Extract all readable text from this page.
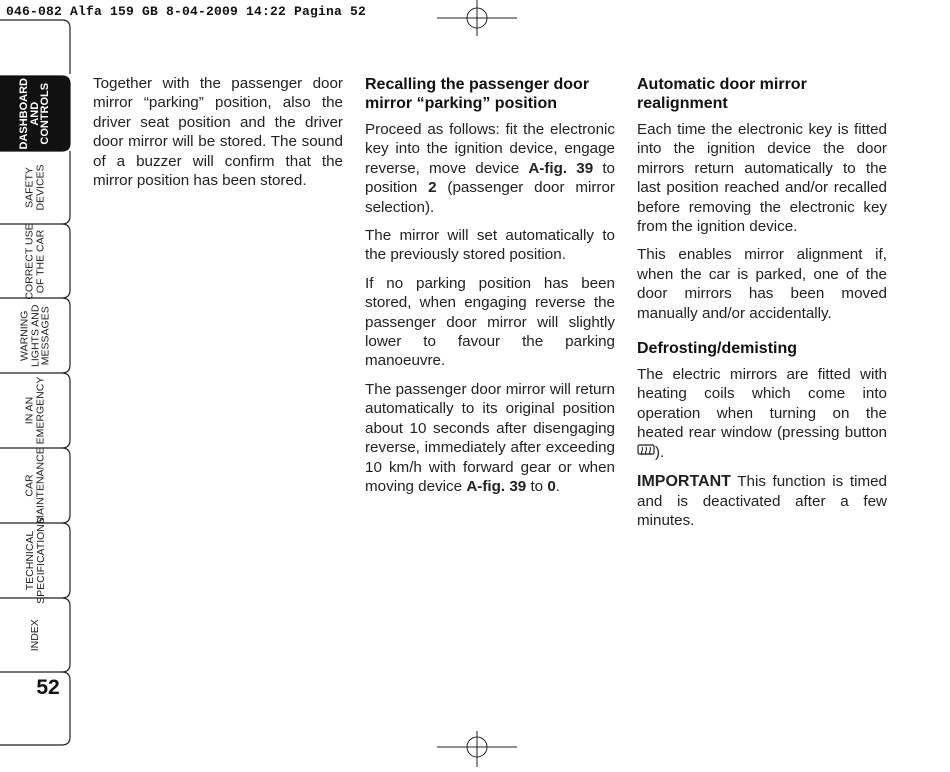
046-082 Alfa 159 GB 8-04-2009 14:22 Pagina 52
DASHBOARD
AND
CONTROLS
SAFETY
DEVICES
CORRECT USE
OF THE CAR
WARNING
LIGHTS AND
MESSAGES
IN AN
EMERGENCY
CAR
MAINTENANCE
TECHNICAL
SPECIFICATIONS
INDEX
52

Together with the passenger door mirror “parking” position, also the driver seat position and the driver door mirror will be stored. The sound of a buzzer will confirm that the mirror position has been stored.

Recalling the passenger door mirror “parking” position

Proceed as follows: fit the electronic key into the ignition device, engage reverse, move device A-fig. 39 to position 2 (passenger door mirror selection).

The mirror will set automatically to the previously stored position.

If no parking position has been stored, when engaging reverse the passenger door mirror will slightly lower to favour the parking manoeuvre.

The passenger door mirror will return automatically to its original position about 10 seconds after disengaging reverse, immediately after exceeding 10 km/h with forward gear or when moving device A-fig. 39 to 0.

Automatic door mirror realignment

Each time the electronic key is fitted into the ignition device the door mirrors return automatically to the last position reached and/or recalled before removing the electronic key from the ignition device.

This enables mirror alignment if, when the car is parked, one of the door mirrors has been moved manually and/or accidentally.

Defrosting/demisting

The electric mirrors are fitted with heating coils which come into operation when turning on the heated rear window (pressing button ).

IMPORTANT This function is timed and is deactivated after a few minutes.
